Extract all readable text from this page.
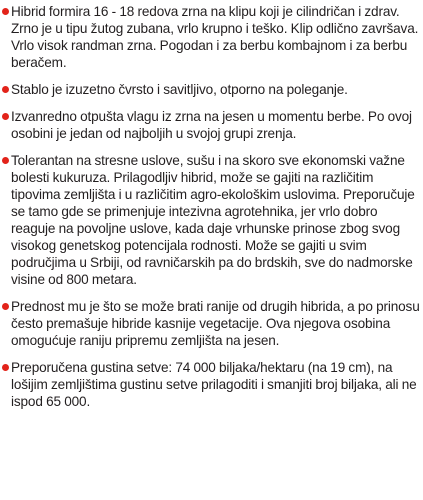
Hibrid formira 16 - 18 redova zrna na klipu koji je cilindričan i zdrav. Zrno je u tipu žutog zubana, vrlo krupno i teško. Klip odlično završava. Vrlo visok randman zrna. Pogodan i za berbu kombajnom i za berbu beračem.
Stablo je izuzetno čvrsto i savitljivo, otporno na poleganje.
Izvanredno otpušta vlagu iz zrna na jesen u momentu berbe. Po ovoj osobini je jedan od najboljih u svojoj grupi zrenja.
Tolerantan na stresne uslove, sušu i na skoro sve ekonomski važne bolesti kukuruza. Prilagodljiv hibrid, može se gajiti na različitim tipovima zemljišta i u različitim agro-ekološkim uslovima. Preporučuje se tamo gde se primenjuje intezivna agrotehnika, jer vrlo dobro reaguje na povoljne uslove, kada daje vrhunske prinose zbog svog visokog genetskog potencijala rodnosti. Može se gajiti u svim područjima u Srbiji, od ravničarskih pa do brdskih, sve do nadmorske visine od 800 metara.
Prednost mu je što se može brati ranije od drugih hibrida, a po prinosu često premašuje hibride kasnije vegetacije. Ova njegova osobina omogućuje raniju pripremu zemljišta na jesen.
Preporučena gustina setve: 74 000 biljaka/hektaru (na 19 cm), na lošijim zemljištima gustinu setve prilagoditi i smanjiti broj biljaka, ali ne ispod 65 000.
